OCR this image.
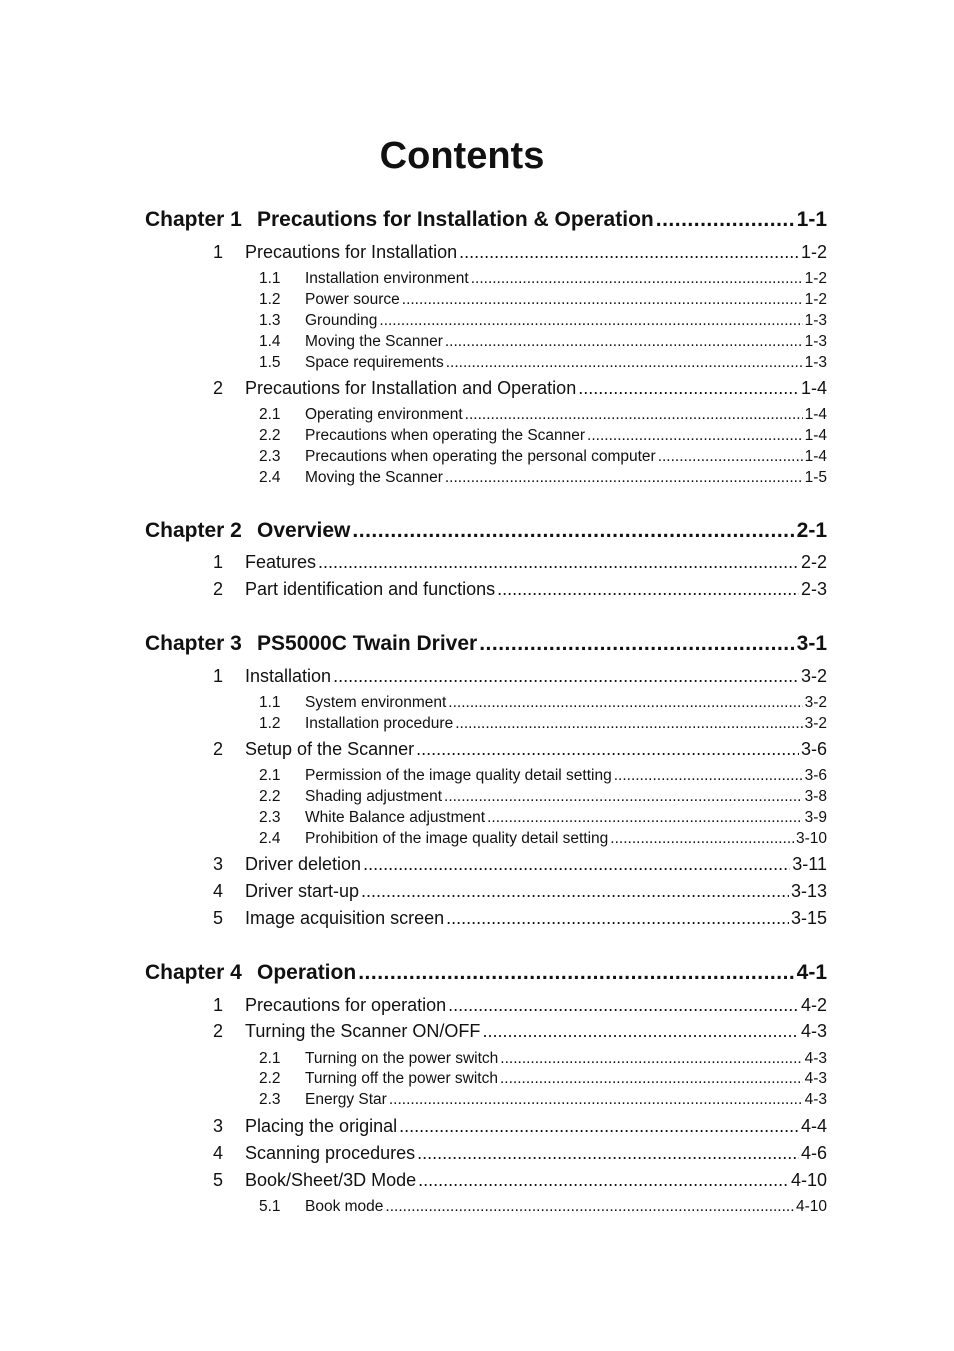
Contents
Chapter 1 Precautions for Installation & Operation .....	1-1
1	Precautions for Installation .....	1-2
1.1	Installation environment .....	1-2
1.2	Power source .....	1-2
1.3	Grounding .....	1-3
1.4	Moving the Scanner .....	1-3
1.5	Space requirements .....	1-3
2	Precautions for Installation and Operation .....	1-4
2.1	Operating environment .....	1-4
2.2	Precautions when operating the Scanner .....	1-4
2.3	Precautions when operating the personal computer .....	1-4
2.4	Moving the Scanner .....	1-5
Chapter 2 Overview .....	2-1
1	Features .....	2-2
2	Part identification and functions .....	2-3
Chapter 3 PS5000C Twain Driver .....	3-1
1	Installation .....	3-2
1.1	System environment .....	3-2
1.2	Installation procedure .....	3-2
2	Setup of the Scanner .....	3-6
2.1	Permission of the image quality detail setting .....	3-6
2.2	Shading adjustment .....	3-8
2.3	White Balance adjustment .....	3-9
2.4	Prohibition of the image quality detail setting .....	3-10
3	Driver deletion .....	3-11
4	Driver start-up .....	3-13
5	Image acquisition screen .....	3-15
Chapter 4 Operation .....	4-1
1	Precautions for operation .....	4-2
2	Turning the Scanner ON/OFF .....	4-3
2.1	Turning on the power switch .....	4-3
2.2	Turning off the power switch .....	4-3
2.3	Energy Star .....	4-3
3	Placing the original .....	4-4
4	Scanning procedures .....	4-6
5	Book/Sheet/3D Mode .....	4-10
5.1	Book mode .....	4-10
